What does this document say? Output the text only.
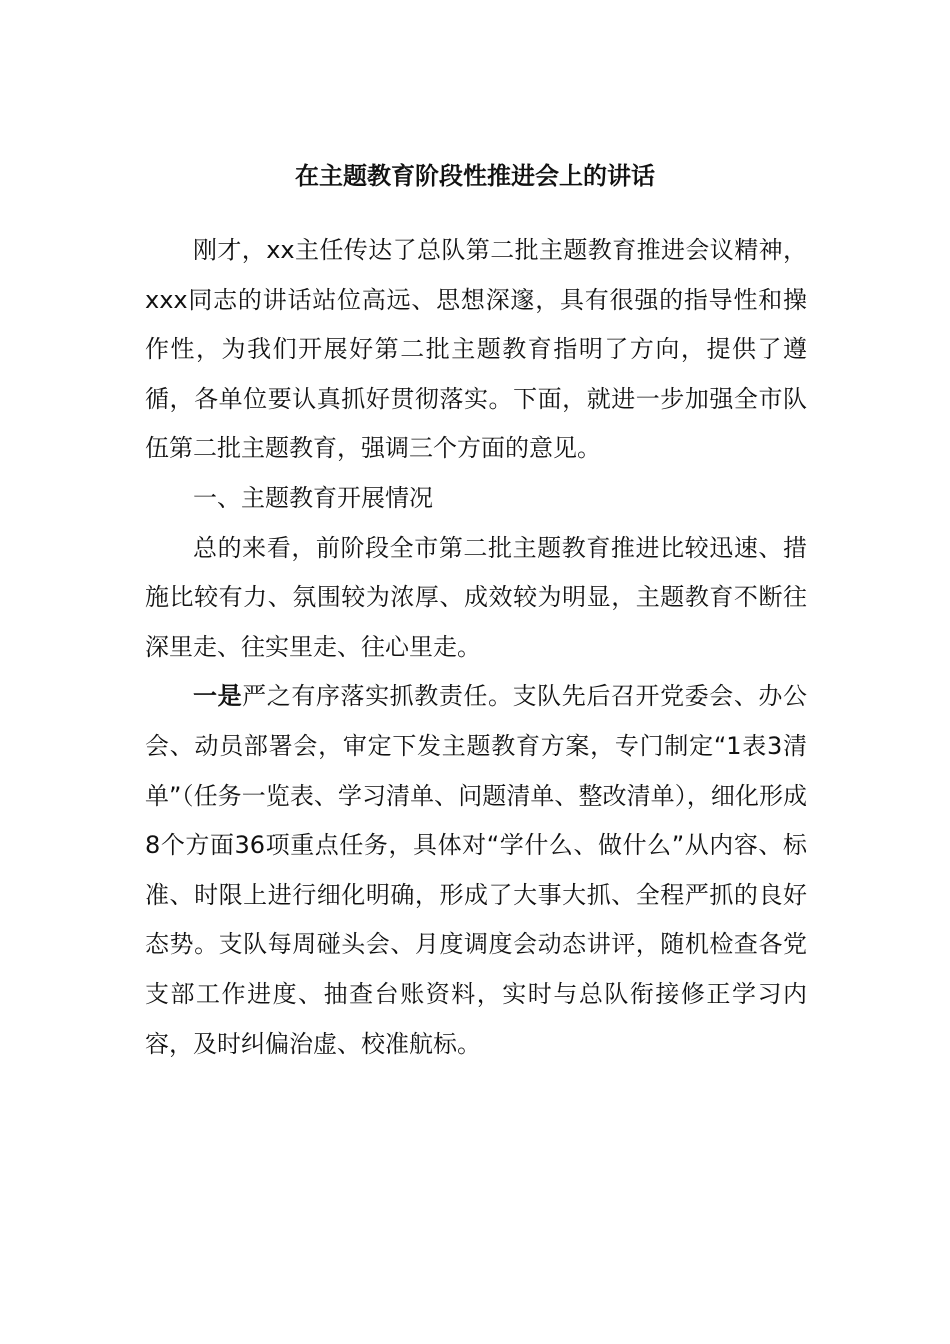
在主题教育阶段性推进会上的讲话

刚才，xx主任传达了总队第二批主题教育推进会议精神，xxx同志的讲话站位高远、思想深邃，具有很强的指导性和操作性，为我们开展好第二批主题教育指明了方向，提供了遵循，各单位要认真抓好贯彻落实。下面，就进一步加强全市队伍第二批主题教育，强调三个方面的意见。

一、主题教育开展情况

总的来看，前阶段全市第二批主题教育推进比较迅速、措施比较有力、氛围较为浓厚、成效较为明显，主题教育不断往深里走、往实里走、往心里走。

一是严之有序落实抓教责任。支队先后召开党委会、办公会、动员部署会，审定下发主题教育方案，专门制定“1表3清单”（任务一览表、学习清单、问题清单、整改清单），细化形成8个方面36项重点任务，具体对“学什么、做什么”从内容、标准、时限上进行细化明确，形成了大事大抓、全程严抓的良好态势。支队每周碰头会、月度调度会动态讲评，随机检查各党支部工作进度、抽查台账资料，实时与总队衔接修正学习内容，及时纠偏治虚、校准航标。
